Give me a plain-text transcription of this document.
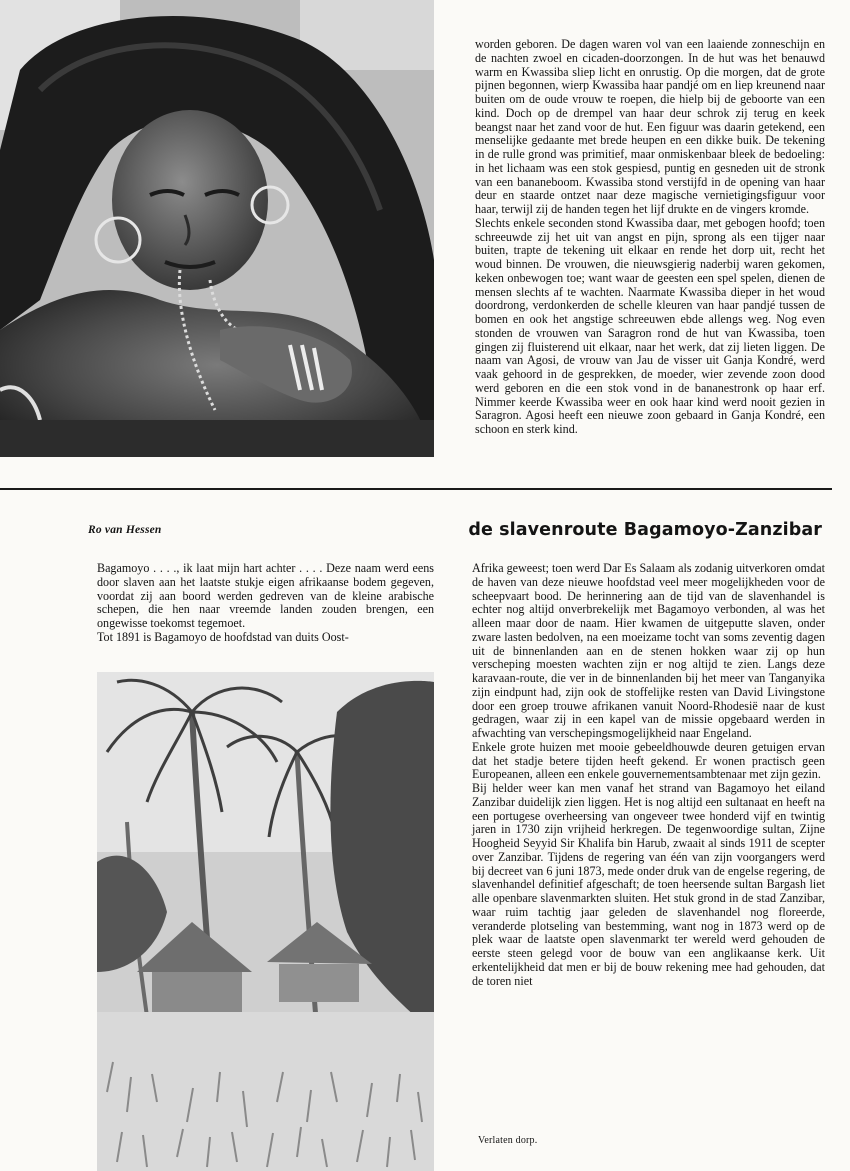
worden geboren. De dagen waren vol van een laaiende zonneschijn en de nachten zwoel en cicaden-doorzongen. In de hut was het benauwd warm en Kwassiba sliep licht en onrustig. Op die morgen, dat de grote pijnen begonnen, wierp Kwassiba haar pandjé om en liep kreunend naar buiten om de oude vrouw te roepen, die hielp bij de geboorte van een kind. Doch op de drempel van haar deur schrok zij terug en keek beangst naar het zand voor de hut. Een figuur was daarin getekend, een menselijke gedaante met brede heupen en een dikke buik. De tekening in de rulle grond was primitief, maar onmiskenbaar bleek de bedoeling: in het lichaam was een stok gespiesd, puntig en gesneden uit de stronk van een bananeboom. Kwassiba stond verstijfd in de opening van haar deur en staarde ontzet naar deze magische vernietigingsfiguur voor haar, terwijl zij de handen tegen het lijf drukte en de vingers kromde.

Slechts enkele seconden stond Kwassiba daar, met gebogen hoofd; toen schreeuwde zij het uit van angst en pijn, sprong als een tijger naar buiten, trapte de tekening uit elkaar en rende het dorp uit, recht het woud binnen. De vrouwen, die nieuwsgierig naderbij waren gekomen, keken onbewogen toe; want waar de geesten een spel spelen, dienen de mensen slechts af te wachten. Naarmate Kwassiba dieper in het woud doordrong, verdonkerden de schelle kleuren van haar pandjé tussen de bomen en ook het angstige schreeuwen ebde allengs weg. Nog even stonden de vrouwen van Saragron rond de hut van Kwassiba, toen gingen zij fluisterend uit elkaar, naar het werk, dat zij lieten liggen. De naam van Agosi, de vrouw van Jau de visser uit Ganja Kondré, werd vaak gehoord in de gesprekken, de moeder, wier zevende zoon dood werd geboren en die een stok vond in de bananestronk op haar erf. Nimmer keerde Kwassiba weer en ook haar kind werd nooit gezien in Saragron. Agosi heeft een nieuwe zoon gebaard in Ganja Kondré, een schoon en sterk kind.

Ro van Hessen	de slavenroute Bagamoyo-Zanzibar

Bagamoyo . . . ., ik laat mijn hart achter . . . . Deze naam werd eens door slaven aan het laatste stukje eigen afrikaanse bodem gegeven, voordat zij aan boord werden gedreven van de kleine arabische schepen, die hen naar vreemde landen zouden brengen, een ongewisse toekomst tegemoet.

Tot 1891 is Bagamoyo de hoofdstad van duits Oost-

Afrika geweest; toen werd Dar Es Salaam als zodanig uitverkoren omdat de haven van deze nieuwe hoofdstad veel meer mogelijkheden voor de scheepvaart bood. De herinnering aan de tijd van de slavenhandel is echter nog altijd onverbrekelijk met Bagamoyo verbonden, al was het alleen maar door de naam. Hier kwamen de uitgeputte slaven, onder zware lasten bedolven, na een moeizame tocht van soms zeventig dagen uit de binnenlanden aan en de stenen hokken waar zij op hun verscheping moesten wachten zijn er nog altijd te zien. Langs deze karavaan-route, die ver in de binnenlanden bij het meer van Tanganyika zijn eindpunt had, zijn ook de stoffelijke resten van David Livingstone door een groep trouwe afrikanen vanuit Noord-Rhodesië naar de kust gedragen, waar zij in een kapel van de missie opgebaard werden in afwachting van verschepingsmogelijkheid naar Engeland.

Enkele grote huizen met mooie gebeeldhouwde deuren getuigen ervan dat het stadje betere tijden heeft gekend. Er wonen practisch geen Europeanen, alleen een enkele gouvernementsambtenaar met zijn gezin.

Bij helder weer kan men vanaf het strand van Bagamoyo het eiland Zanzibar duidelijk zien liggen. Het is nog altijd een sultanaat en heeft na een portugese overheersing van ongeveer twee honderd vijf en twintig jaren in 1730 zijn vrijheid herkregen. De tegenwoordige sultan, Zijne Hoogheid Seyyid Sir Khalifa bin Harub, zwaait al sinds 1911 de scepter over Zanzibar. Tijdens de regering van één van zijn voorgangers werd bij decreet van 6 juni 1873, mede onder druk van de engelse regering, de slavenhandel definitief afgeschaft; de toen heersende sultan Bargash liet alle openbare slavenmarkten sluiten. Het stuk grond in de stad Zanzibar, waar ruim tachtig jaar geleden de slavenhandel nog floreerde, veranderde plotseling van bestemming, want nog in 1873 werd op de plek waar de laatste open slavenmarkt ter wereld werd gehouden de eerste steen gelegd voor de bouw van een anglikaanse kerk. Uit erkentelijkheid dat men er bij de bouw rekening mee had gehouden, dat de toren niet

Verlaten dorp.
